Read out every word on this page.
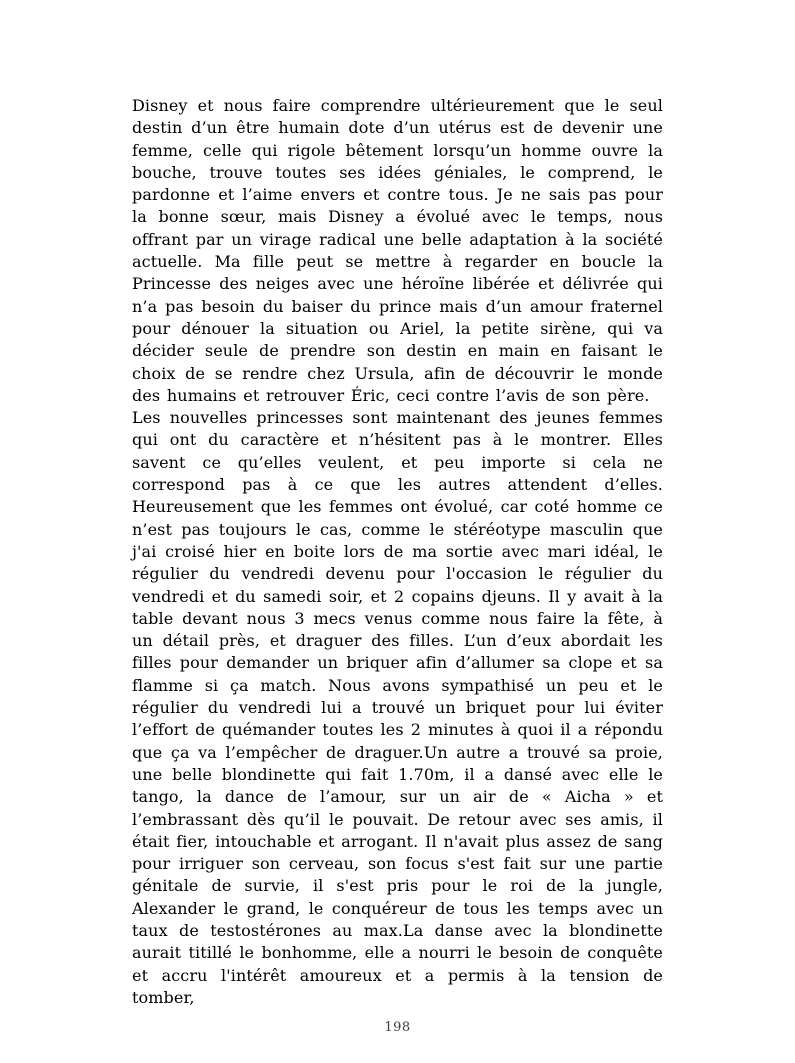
Disney et nous faire comprendre ultérieurement que le seul destin d’un être humain dote d’un utérus est de devenir une femme, celle qui rigole bêtement lorsqu’un homme ouvre la bouche, trouve toutes ses idées géniales, le comprend, le pardonne et l’aime envers et contre tous. Je ne sais pas pour la bonne sœur, mais Disney a évolué avec le temps, nous offrant par un virage radical une belle adaptation à la société actuelle. Ma fille peut se mettre à regarder en boucle la Princesse des neiges avec une héroïne libérée et délivrée qui n’a pas besoin du baiser du prince mais d’un amour fraternel pour dénouer la situation ou Ariel, la petite sirène, qui va décider seule de prendre son destin en main en faisant le choix de se rendre chez Ursula, afin de découvrir le monde des humains et retrouver Éric, ceci contre l’avis de son père.

Les nouvelles princesses sont maintenant des jeunes femmes qui ont du caractère et n’hésitent pas à le montrer. Elles savent ce qu’elles veulent, et peu importe si cela ne correspond pas à ce que les autres attendent d’elles. Heureusement que les femmes ont évolué, car coté homme ce n’est pas toujours le cas, comme le stéréotype masculin que j'ai croisé hier en boite lors de ma sortie avec mari idéal, le régulier du vendredi devenu pour l'occasion le régulier du vendredi et du samedi soir, et 2 copains djeuns. Il y avait à la table devant nous 3 mecs venus comme nous faire la fête, à un détail près, et draguer des filles. L’un d’eux abordait les filles pour demander un briquer afin d’allumer sa clope et sa flamme si ça match. Nous avons sympathisé un peu et le régulier du vendredi lui a trouvé un briquet pour lui éviter l’effort de quémander toutes les 2 minutes à quoi il a répondu que ça va l’empêcher de draguer.Un autre a trouvé sa proie, une belle blondinette qui fait 1.70m, il a dansé avec elle le tango, la dance de l’amour, sur un air de « Aicha » et l’embrassant dès qu’il le pouvait. De retour avec ses amis, il était fier, intouchable et arrogant. Il n'avait plus assez de sang pour irriguer son cerveau, son focus s'est fait sur une partie génitale de survie, il s'est pris pour le roi de la jungle, Alexander le grand, le conquéreur de tous les temps avec un taux de testostérones au max.La danse avec la blondinette aurait titillé le bonhomme, elle a nourri le besoin de conquête et accru l'intérêt amoureux et a permis à la tension de tomber,

198
